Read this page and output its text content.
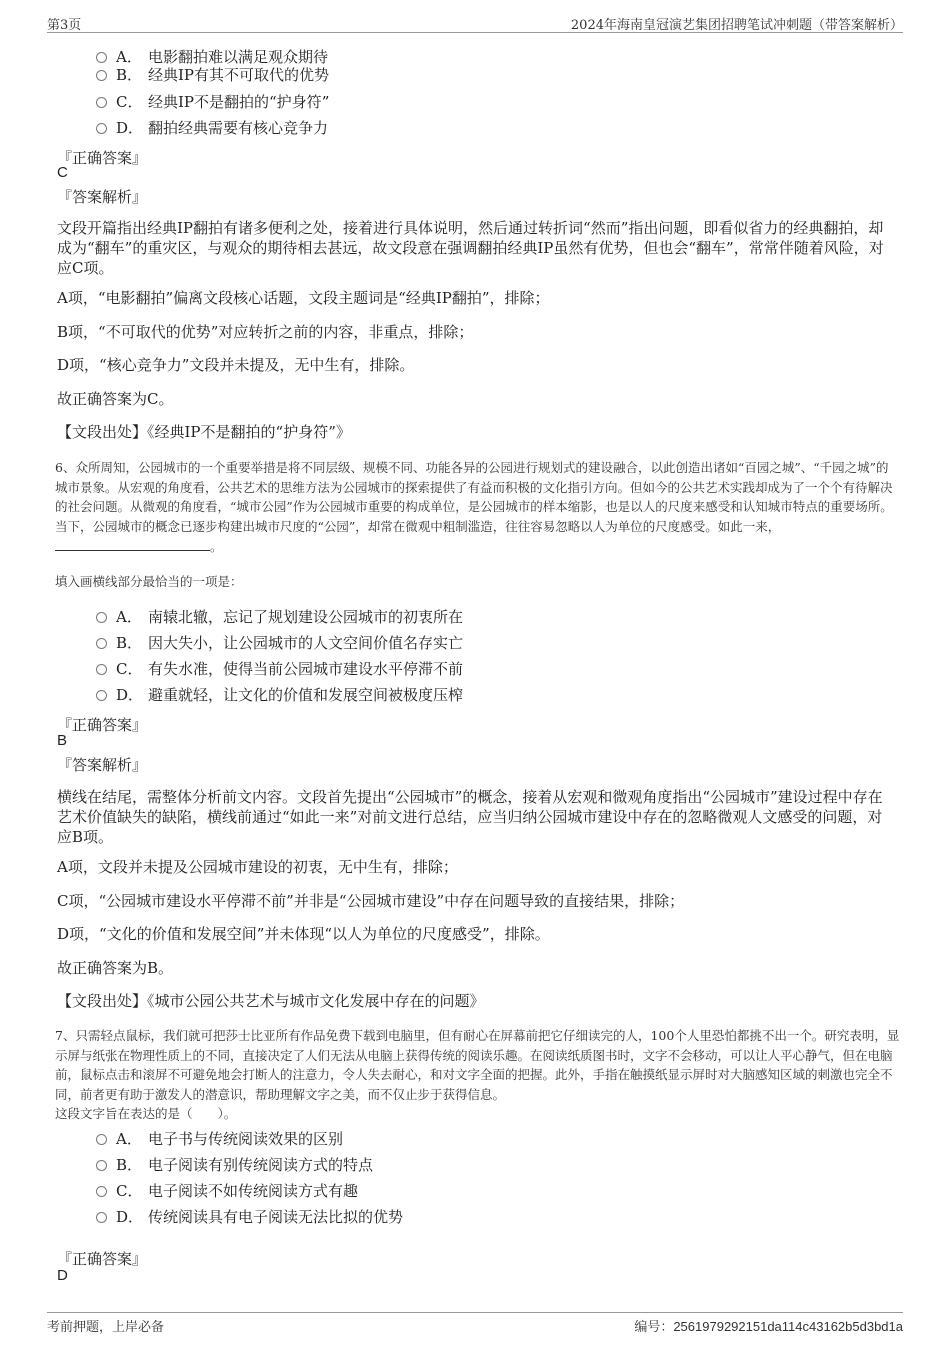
第3页	2024年海南皇冠演艺集团招聘笔试冲刺题（带答案解析）
A． 电影翻拍难以满足观众期待
B． 经典IP有其不可取代的优势
C． 经典IP不是翻拍的“护身符”
D． 翻拍经典需要有核心竞争力
『正确答案』
C
『答案解析』
文段开篇指出经典IP翻拍有诸多便利之处，接着进行具体说明，然后通过转折词“然而”指出问题，即看似省力的经典翻拍，却成为“翻车”的重灾区，与观众的期待相去甚远，故文段意在强调翻拍经典IP虽然有优势，但也会“翻车”，常常伴随着风险，对应C项。
A项，“电影翻拍”偏离文段核心话题，文段主题词是“经典IP翻拍”，排除；
B项，“不可取代的优势”对应转折之前的内容，非重点，排除；
D项，“核心竞争力”文段并未提及，无中生有，排除。
故正确答案为C。
【文段出处】《经典IP不是翻拍的“护身符”》
6、众所周知，公园城市的一个重要举措是将不同层级、规模不同、功能各异的公园进行规划式的建设融合，以此创造出诸如“百园之城”、“千园之城”的城市景象。从宏观的角度看，公共艺术的思维方法为公园城市的探索提供了有益而积极的文化指引方向。但如今的公共艺术实践却成为了一个个有待解决的社会问题。从微观的角度看，“城市公园”作为公园城市重要的构成单位，是公园城市的样本缩影，也是以人的尺度来感受和认知城市特点的重要场所。当下，公园城市的概念已逐步构建出城市尺度的“公园”，却常在微观中粗制滥造，往往容易忽略以人为单位的尺度感受。如此一来，。
填入画横线部分最恰当的一项是：
A． 南辕北辙，忘记了规划建设公园城市的初衷所在
B． 因大失小，让公园城市的人文空间价值名存实亡
C． 有失水准，使得当前公园城市建设水平停滞不前
D． 避重就轻，让文化的价值和发展空间被极度压榨
『正确答案』
B
『答案解析』
横线在结尾，需整体分析前文内容。文段首先提出“公园城市”的概念，接着从宏观和微观角度指出“公园城市”建设过程中存在艺术价值缺失的缺陷，横线前通过“如此一来”对前文进行总结，应当归纳公园城市建设中存在的忽略微观人文感受的问题，对应B项。
A项，文段并未提及公园城市建设的初衷，无中生有，排除；
C项，“公园城市建设水平停滞不前”并非是“公园城市建设”中存在问题导致的直接结果，排除；
D项，“文化的价值和发展空间”并未体现“以人为单位的尺度感受”，排除。
故正确答案为B。
【文段出处】《城市公园公共艺术与城市文化发展中存在的问题》
7、只需轻点鼠标，我们就可把莎士比亚所有作品免费下载到电脑里，但有耐心在屏幕前把它仔细读完的人，100个人里恐怕都挑不出一个。研究表明，显示屏与纸张在物理性质上的不同，直接决定了人们无法从电脑上获得传统的阅读乐趣。在阅读纸质图书时，文字不会移动，可以让人平心静气，但在电脑前，鼠标点击和滚屏不可避免地会打断人的注意力，令人失去耐心，和对文字全面的把握。此外，手指在触摸纸显示屏时对大脑感知区域的刺激也完全不同，前者更有助于激发人的潜意识，帮助理解文字之美，而不仅止步于获得信息。
这段文字旨在表达的是（　　）。
A． 电子书与传统阅读效果的区别
B． 电子阅读有别传统阅读方式的特点
C． 电子阅读不如传统阅读方式有趣
D． 传统阅读具有电子阅读无法比拟的优势
『正确答案』
D
考前押题，上岸必备	编号：2561979292151da114c43162b5d3bd1a
